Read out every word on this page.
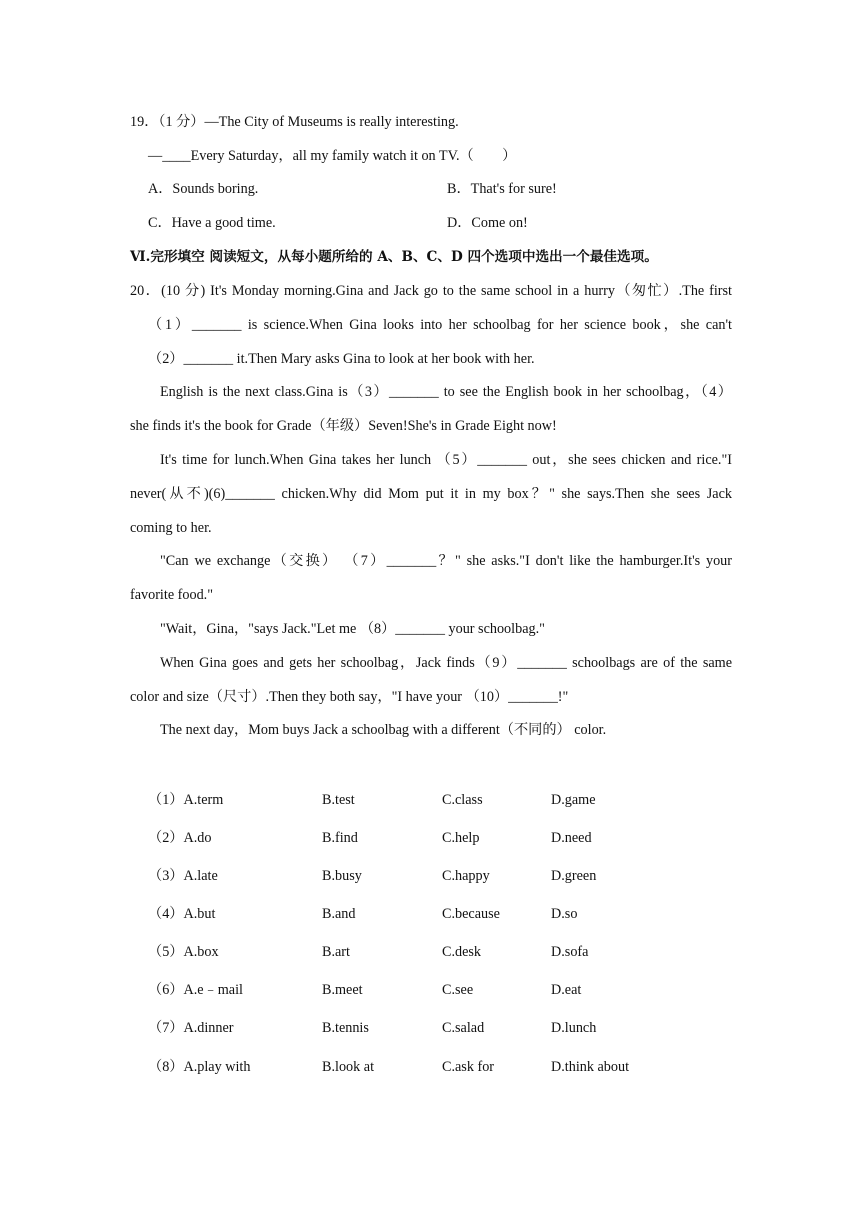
19．（1 分）—The City of Museums is really interesting.
—____Every Saturday，all my family watch it on TV.（　　）
A．Sounds boring.	B．That's for sure!
C．Have a good time.	D．Come on!
Ⅵ.完形填空 阅读短文，从每小题所给的 A、B、C、D 四个选项中选出一个最佳选项。
20．(10 分) It's Monday morning.Gina and Jack go to the same school in a hurry（匆忙）.The first
（1）_______ is science.When Gina looks into her schoolbag for her science book，she can't
（2）_______ it.Then Mary asks Gina to look at her book with her.
English is the next class.Gina is（3）_______ to see the English book in her schoolbag，（4）
she finds it's the book for Grade（年级）Seven!She's in Grade Eight now!
It's time for lunch.When Gina takes her lunch （5）_______ out，she sees chicken and rice."I
never(从不)(6)_______ chicken.Why did Mom put it in my box？" she says.Then she sees Jack
coming to her.
"Can we exchange（交换） （7）_______？" she asks."I don't like the hamburger.It's your
favorite food."
"Wait，Gina，"says Jack."Let me （8）_______ your schoolbag."
When Gina goes and gets her schoolbag，Jack finds（9）_______ schoolbags are of the same
color and size（尺寸）.Then they both say，"I have your （10）_______!"
The next day，Mom buys Jack a schoolbag with a different（不同的） color.
（1）A.term	B.test	C.class	D.game
（2）A.do	B.find	C.help	D.need
（3）A.late	B.busy	C.happy	D.green
（4）A.but	B.and	C.because	D.so
（5）A.box	B.art	C.desk	D.sofa
（6）A.e﹣mail	B.meet	C.see	D.eat
（7）A.dinner	B.tennis	C.salad	D.lunch
（8）A.play with	B.look at	C.ask for	D.think about
